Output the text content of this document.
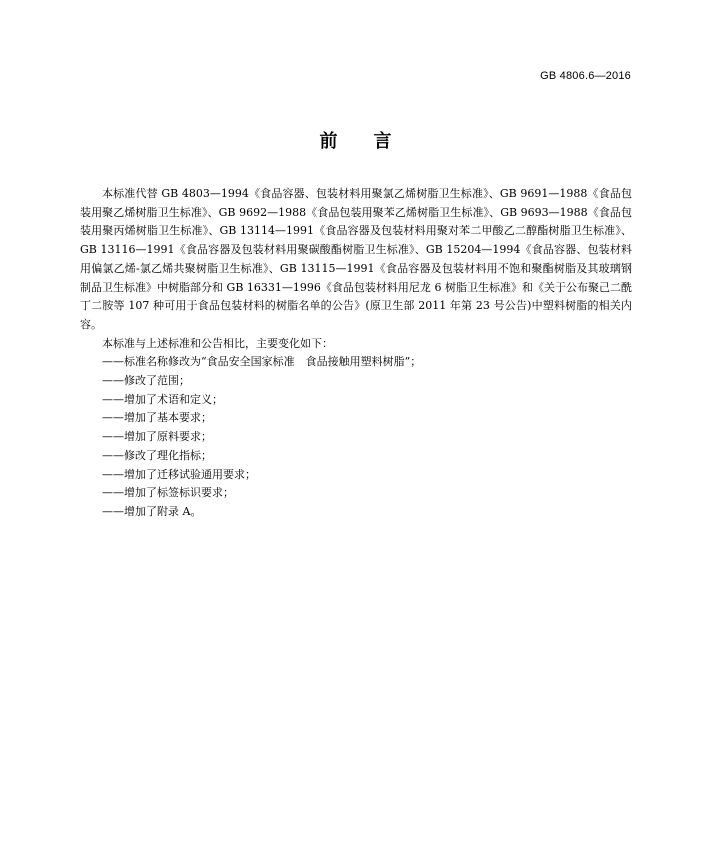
GB 4806.6—2016
前　　言

本标准代替 GB 4803—1994《食品容器、包装材料用聚氯乙烯树脂卫生标准》、GB 9691—1988《食品包装用聚乙烯树脂卫生标准》、GB 9692—1988《食品包装用聚苯乙烯树脂卫生标准》、GB 9693—1988《食品包装用聚丙烯树脂卫生标准》、GB 13114—1991《食品容器及包装材料用聚对苯二甲酸乙二醇酯树脂卫生标准》、GB 13116—1991《食品容器及包装材料用聚碳酸酯树脂卫生标准》、GB 15204—1994《食品容器、包装材料用偏氯乙烯-氯乙烯共聚树脂卫生标准》、GB 13115—1991《食品容器及包装材料用不饱和聚酯树脂及其玻璃钢制品卫生标准》中树脂部分和 GB 16331—1996《食品包装材料用尼龙 6 树脂卫生标准》和《关于公布聚己二酰丁二胺等 107 种可用于食品包装材料的树脂名单的公告》(原卫生部 2011 年第 23 号公告)中塑料树脂的相关内容。

本标准与上述标准和公告相比，主要变化如下：

——标准名称修改为“食品安全国家标准　食品接触用塑料树脂”；
——修改了范围；
——增加了术语和定义；
——增加了基本要求；
——增加了原料要求；
——修改了理化指标；
——增加了迁移试验通用要求；
——增加了标签标识要求；
——增加了附录 A。
